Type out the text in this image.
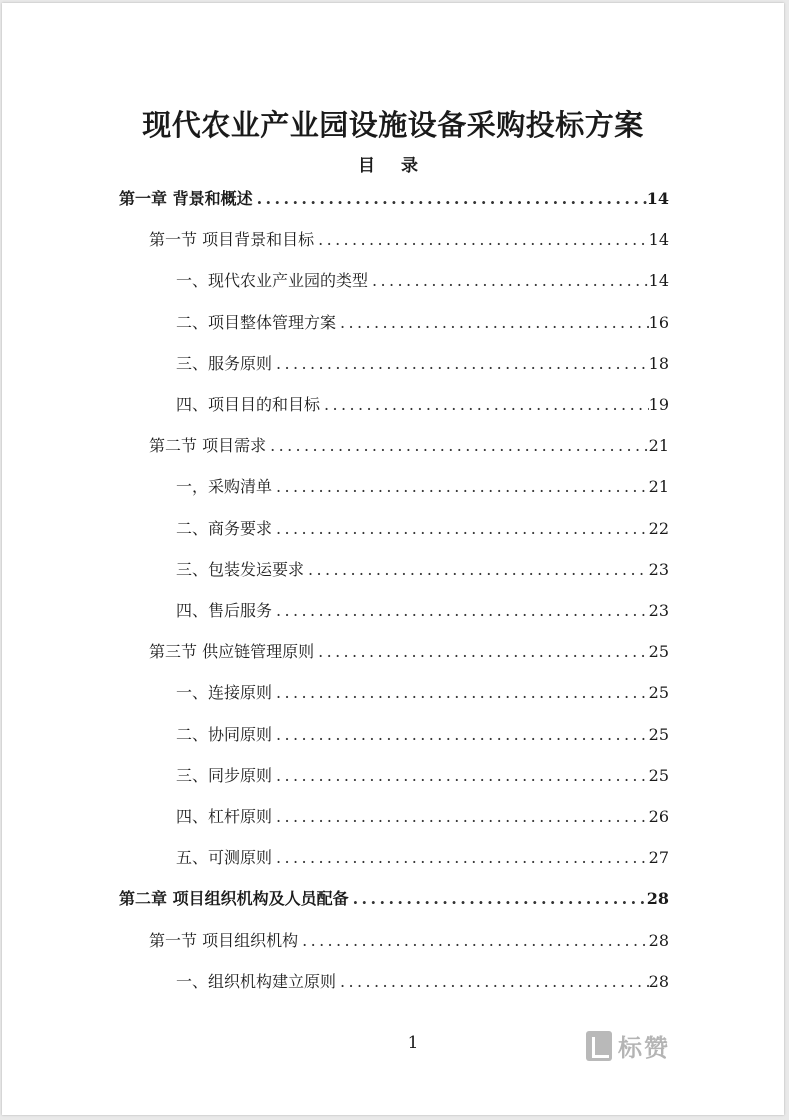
现代农业产业园设施设备采购投标方案
目 录
第一章 背景和概述 .....	14
第一节 项目背景和目标 .....	14
一、现代农业产业园的类型 .....	14
二、项目整体管理方案 .....	16
三、服务原则 .....	18
四、项目目的和目标 .....	19
第二节 项目需求 .....	21
一，采购清单 .....	21
二、商务要求 .....	22
三、包装发运要求 .....	23
四、售后服务 .....	23
第三节 供应链管理原则 .....	25
一、连接原则 .....	25
二、协同原则 .....	25
三、同步原则 .....	25
四、杠杆原则 .....	26
五、可测原则 .....	27
第二章 项目组织机构及人员配备 .....	28
第一节 项目组织机构 .....	28
一、组织机构建立原则 .....	28
1	标赞
